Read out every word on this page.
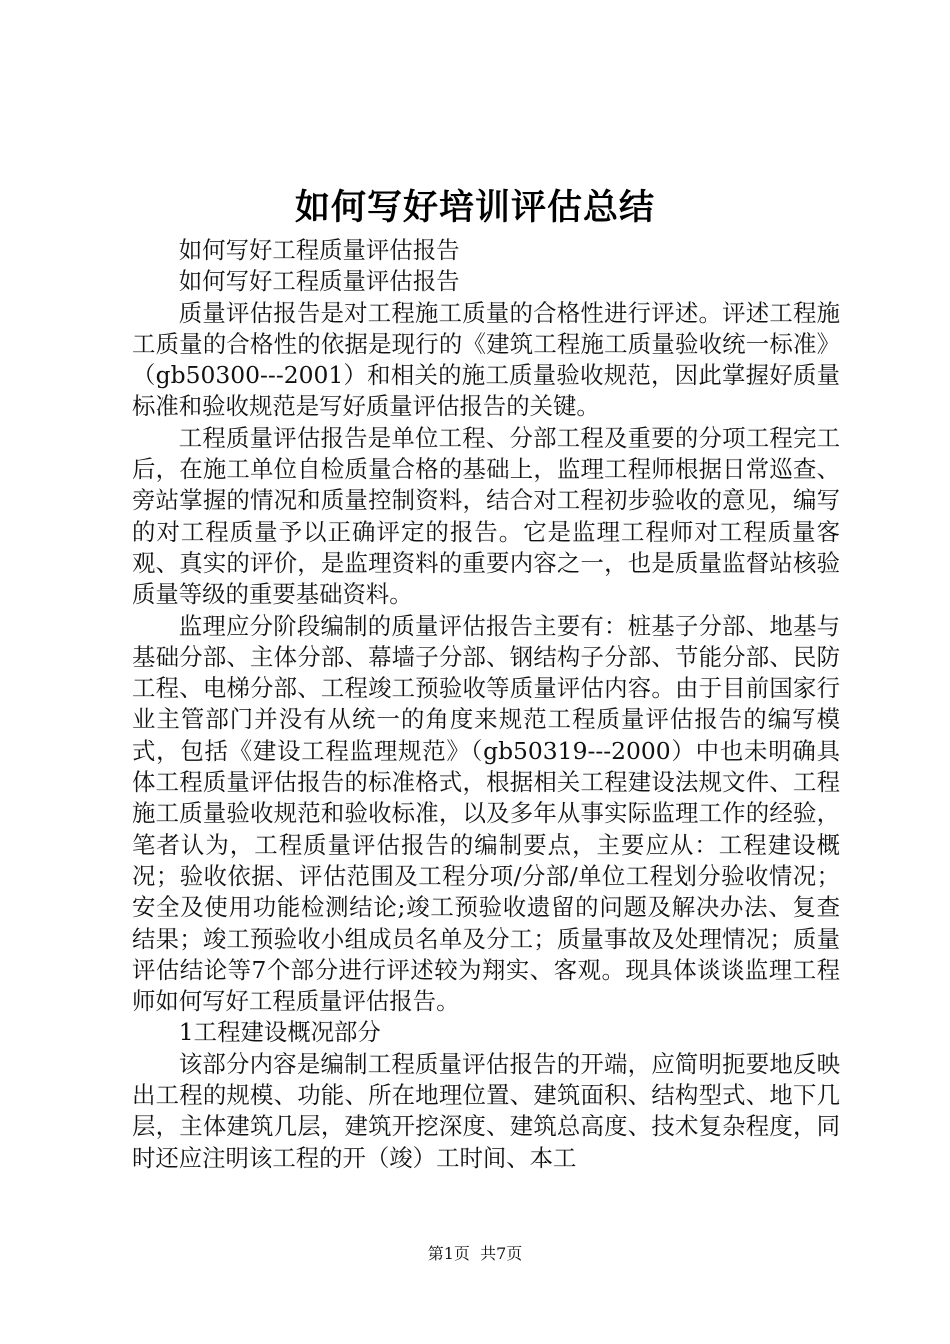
如何写好培训评估总结

如何写好工程质量评估报告

如何写好工程质量评估报告

质量评估报告是对工程施工质量的合格性进行评述。评述工程施工质量的合格性的依据是现行的《建筑工程施工质量验收统一标准》（gb50300---2001）和相关的施工质量验收规范，因此掌握好质量标准和验收规范是写好质量评估报告的关键。

工程质量评估报告是单位工程、分部工程及重要的分项工程完工后，在施工单位自检质量合格的基础上，监理工程师根据日常巡查、旁站掌握的情况和质量控制资料，结合对工程初步验收的意见，编写的对工程质量予以正确评定的报告。它是监理工程师对工程质量客观、真实的评价，是监理资料的重要内容之一，也是质量监督站核验质量等级的重要基础资料。

监理应分阶段编制的质量评估报告主要有：桩基子分部、地基与基础分部、主体分部、幕墙子分部、钢结构子分部、节能分部、民防工程、电梯分部、工程竣工预验收等质量评估内容。由于目前国家行业主管部门并没有从统一的角度来规范工程质量评估报告的编写模式，包括《建设工程监理规范》（gb50319---2000）中也未明确具体工程质量评估报告的标准格式，根据相关工程建设法规文件、工程施工质量验收规范和验收标准，以及多年从事实际监理工作的经验，笔者认为，工程质量评估报告的编制要点，主要应从：工程建设概况；验收依据、评估范围及工程分项/分部/单位工程划分验收情况；安全及使用功能检测结论;竣工预验收遗留的问题及解决办法、复查结果；竣工预验收小组成员名单及分工；质量事故及处理情况；质量评估结论等7个部分进行评述较为翔实、客观。现具体谈谈监理工程师如何写好工程质量评估报告。

1工程建设概况部分

该部分内容是编制工程质量评估报告的开端，应简明扼要地反映出工程的规模、功能、所在地理位置、建筑面积、结构型式、地下几层，主体建筑几层，建筑开挖深度、建筑总高度、技术复杂程度，同时还应注明该工程的开（竣）工时间、本工

第1页  共7页
